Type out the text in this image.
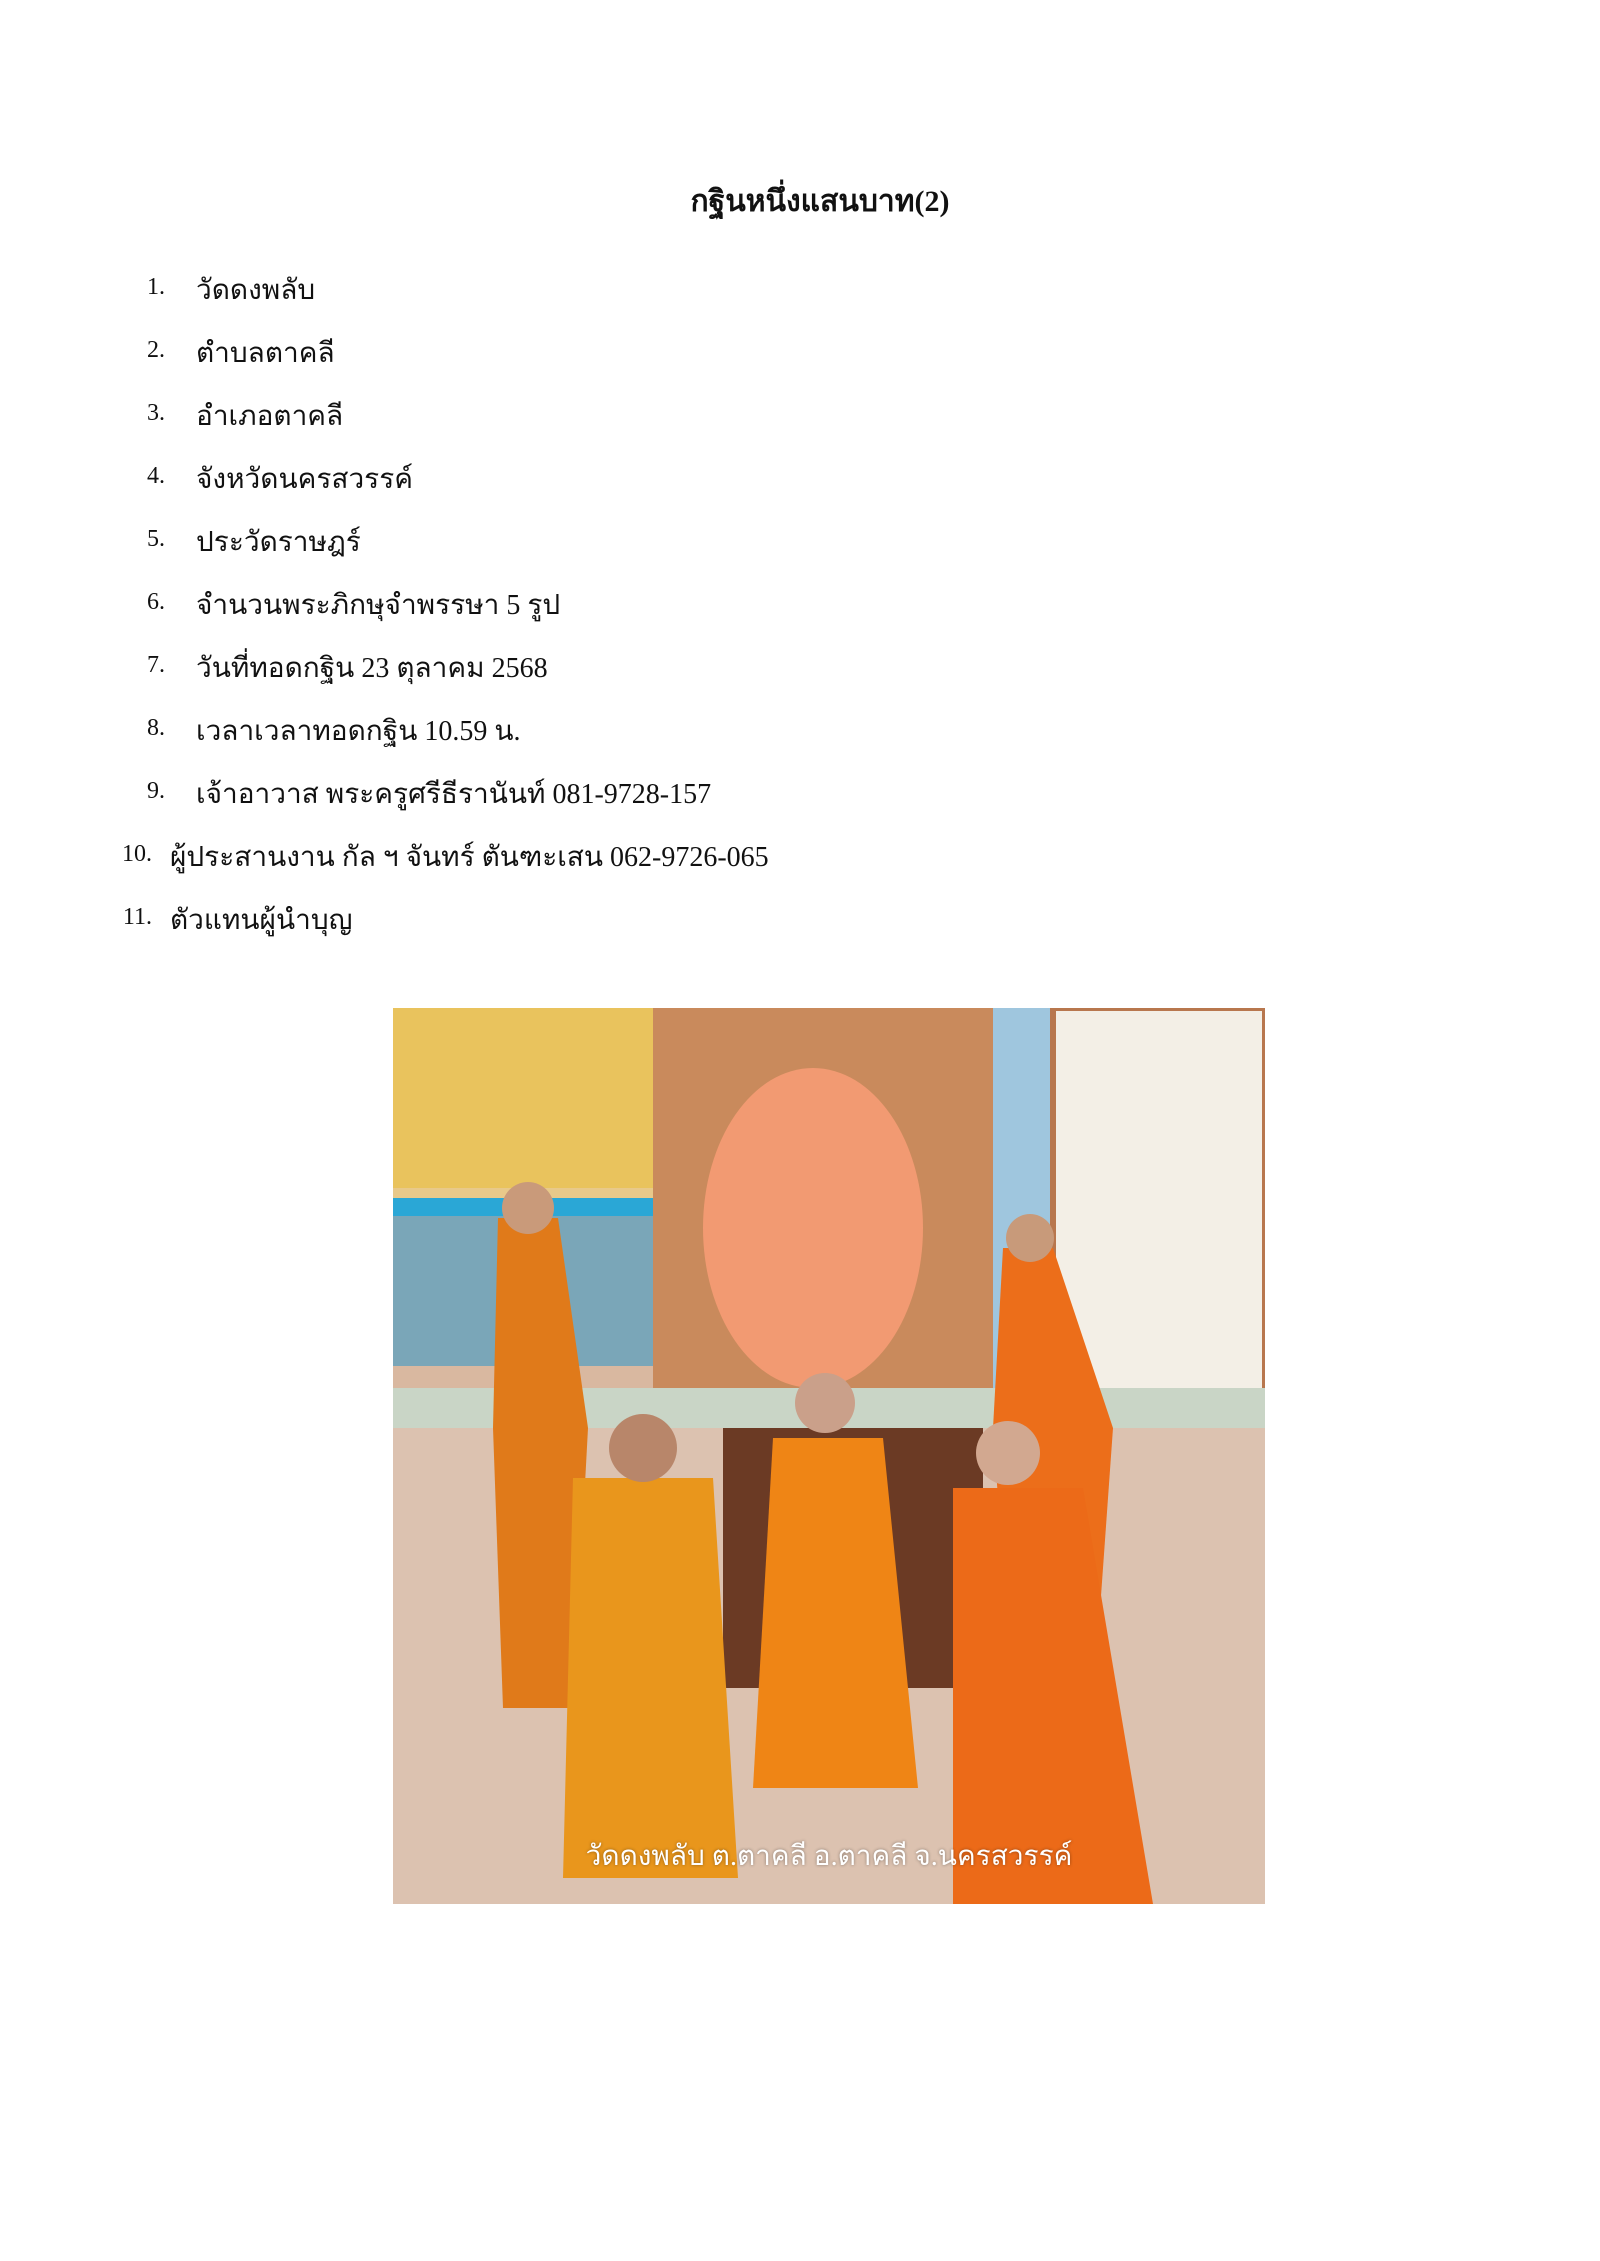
กฐินหนึ่งแสนบาท(2)
1. วัดดงพลับ
2. ตำบลตาคลี
3. อำเภอตาคลี
4. จังหวัดนครสวรรค์
5. ประวัดราษฎร์
6. จำนวนพระภิกษุจำพรรษา 5 รูป
7. วันที่ทอดกฐิน 23 ตุลาคม 2568
8. เวลาเวลาทอดกฐิน 10.59 น.
9. เจ้าอาวาส พระครูศรีธีรานันท์ 081-9728-157
10. ผู้ประสานงาน กัล ฯ จันทร์ ตันฑะเสน 062-9726-065
11. ตัวแทนผู้นำบุญ
วัดดงพลับ ต.ตาคลี อ.ตาคลี จ.นครสวรรค์
